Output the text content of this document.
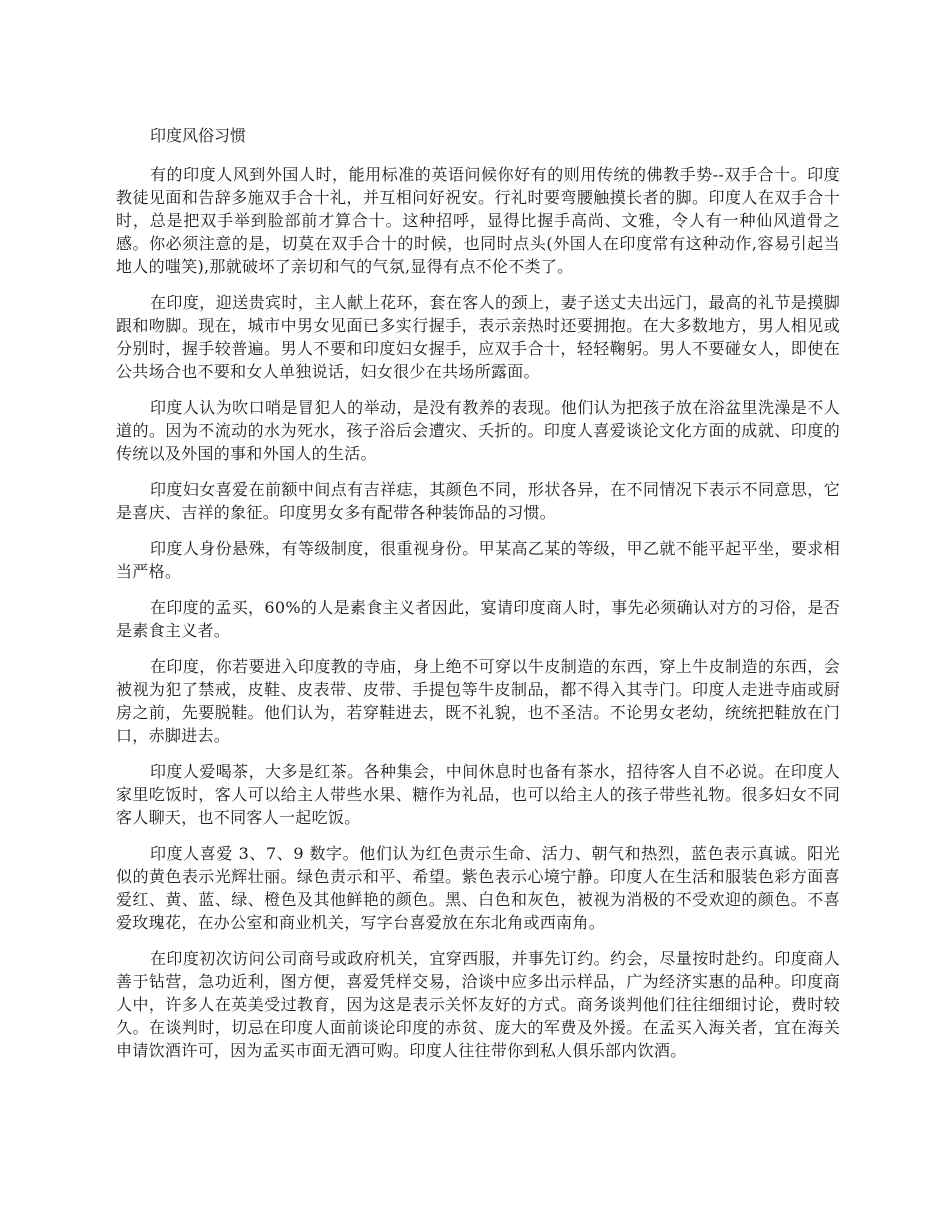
印度风俗习惯

有的印度人风到外国人时，能用标准的英语问候你好有的则用传统的佛教手势--双手合十。印度教徒见面和告辞多施双手合十礼，并互相问好祝安。行礼时要弯腰触摸长者的脚。印度人在双手合十时，总是把双手举到脸部前才算合十。这种招呼，显得比握手高尚、文雅，令人有一种仙风道骨之感。你必须注意的是，切莫在双手合十的时候，也同时点头(外国人在印度常有这种动作,容易引起当地人的嗤笑),那就破坏了亲切和气的气氛,显得有点不伦不类了。

在印度，迎送贵宾时，主人献上花环，套在客人的颈上，妻子送丈夫出远门，最高的礼节是摸脚跟和吻脚。现在，城市中男女见面已多实行握手，表示亲热时还要拥抱。在大多数地方，男人相见或分别时，握手较普遍。男人不要和印度妇女握手，应双手合十，轻轻鞠躬。男人不要碰女人，即使在公共场合也不要和女人单独说话，妇女很少在共场所露面。

印度人认为吹口哨是冒犯人的举动，是没有教养的表现。他们认为把孩子放在浴盆里洗澡是不人道的。因为不流动的水为死水，孩子浴后会遭灾、夭折的。印度人喜爱谈论文化方面的成就、印度的传统以及外国的事和外国人的生活。

印度妇女喜爱在前额中间点有吉祥痣，其颜色不同，形状各异，在不同情况下表示不同意思，它是喜庆、吉祥的象征。印度男女多有配带各种装饰品的习惯。

印度人身份悬殊，有等级制度，很重视身份。甲某高乙某的等级，甲乙就不能平起平坐，要求相当严格。

在印度的孟买，60%的人是素食主义者因此，宴请印度商人时，事先必须确认对方的习俗，是否是素食主义者。

在印度，你若要进入印度教的寺庙，身上绝不可穿以牛皮制造的东西，穿上牛皮制造的东西，会被视为犯了禁戒，皮鞋、皮表带、皮带、手提包等牛皮制品，都不得入其寺门。印度人走进寺庙或厨房之前，先要脱鞋。他们认为，若穿鞋进去，既不礼貌，也不圣洁。不论男女老幼，统统把鞋放在门口，赤脚进去。

印度人爱喝茶，大多是红茶。各种集会，中间休息时也备有茶水，招待客人自不必说。在印度人家里吃饭时，客人可以给主人带些水果、糖作为礼品，也可以给主人的孩子带些礼物。很多妇女不同客人聊天，也不同客人一起吃饭。

印度人喜爱 3、7、9 数字。他们认为红色责示生命、活力、朝气和热烈，蓝色表示真诚。阳光似的黄色表示光辉壮丽。绿色责示和平、希望。紫色表示心境宁静。印度人在生活和服装色彩方面喜爱红、黄、蓝、绿、橙色及其他鲜艳的颜色。黑、白色和灰色，被视为消极的不受欢迎的颜色。不喜爱玫瑰花，在办公室和商业机关，写字台喜爱放在东北角或西南角。

在印度初次访问公司商号或政府机关，宜穿西服，并事先订约。约会，尽量按时赴约。印度商人善于钻营，急功近利，图方便，喜爱凭样交易，洽谈中应多出示样品，广为经济实惠的品种。印度商人中，许多人在英美受过教育，因为这是表示关怀友好的方式。商务谈判他们往往细细讨论，费时较久。在谈判时，切忌在印度人面前谈论印度的赤贫、庞大的军费及外援。在孟买入海关者，宜在海关申请饮酒许可，因为孟买市面无酒可购。印度人往往带你到私人俱乐部内饮酒。
